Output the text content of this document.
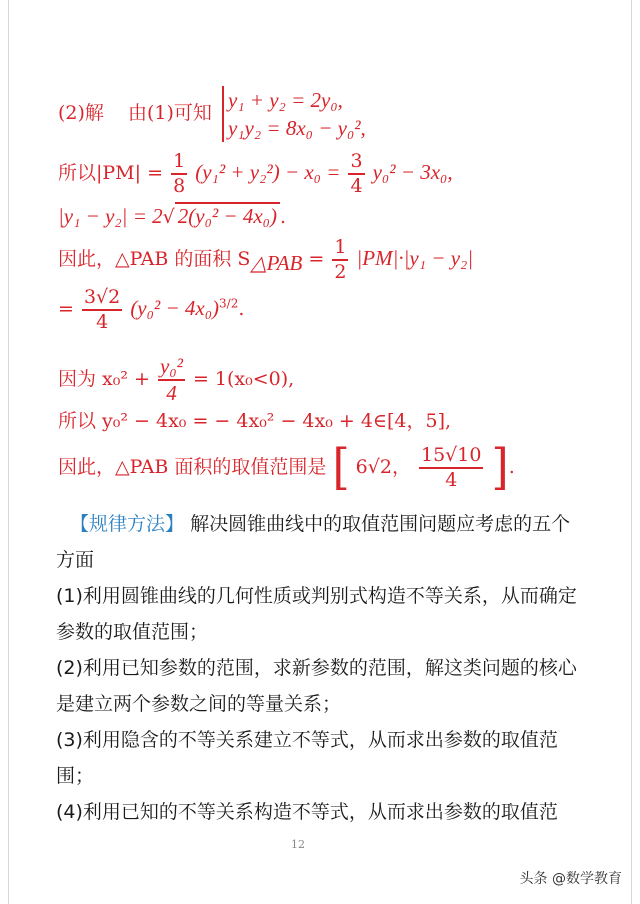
(2)解 由(1)可知
y₁ + y₂ = 2y₀,
y₁y₂ = 8x₀ − y₀²,
所以$|PM| = \frac{1}{8} (y_1^2 + y_2^2) - x_0 = \frac{3}{4} y_0^2 - 3x_0$,
|y₁ − y₂| = 2√ 2(y₀² − 4x₀) .
因此，△PAB 的面积 $S_{\triangle PAB} = \frac{1}{2} |PM|\cdot|y_1 - y_2|$
= $\frac{3√2}{4} (y_0^2 - 4x_0)^{3/2}$.
因为 $x_0^2 + \frac{\text{y₀²}}{4} = 1(x_0<0)$,
所以 y₀² − 4x₀ = − 4x₀² − 4x₀ + 4∈[4，5],
因此，△PAB 面积的取值范围是 [ 6√2， $\frac{15√10}{4}$ ].
【规律方法】 解决圆锥曲线中的取值范围问题应考虑的五个
方面
(1)利用圆锥曲线的几何性质或判别式构造不等关系，从而确定
参数的取值范围；
(2)利用已知参数的范围，求新参数的范围，解这类问题的核心
是建立两个参数之间的等量关系；
(3)利用隐含的不等关系建立不等式，从而求出参数的取值范
围；
(4)利用已知的不等关系构造不等式，从而求出参数的取值范
12
头条 @数学教育
